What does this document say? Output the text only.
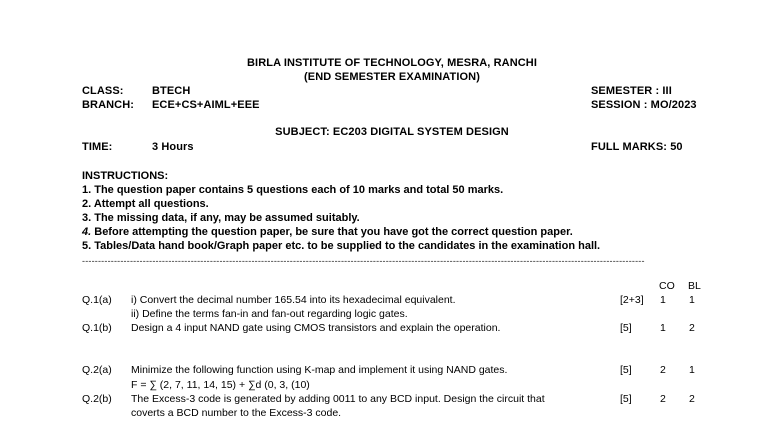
BIRLA INSTITUTE OF TECHNOLOGY, MESRA, RANCHI
(END SEMESTER EXAMINATION)
CLASS:	BTECH	SEMESTER : III
BRANCH: ECE+CS+AIML+EEE	SESSION : MO/2023
SUBJECT: EC203 DIGITAL SYSTEM DESIGN
TIME:	3 Hours	FULL MARKS: 50
INSTRUCTIONS:
1. The question paper contains 5 questions each of 10 marks and total 50 marks.
2. Attempt all questions.
3. The missing data, if any, may be assumed suitably.
4. Before attempting the question paper, be sure that you have got the correct question paper.
5. Tables/Data hand book/Graph paper etc. to be supplied to the candidates in the examination hall.
--------------------------------------------------------------------------------------------------------------------------------------------------------------------------------
CO BL
Q.1(a) i) Convert the decimal number 165.54 into its hexadecimal equivalent.
ii) Define the terms fan-in and fan-out regarding logic gates.
[2+3] 1 1
Q.1(b) Design a 4 input NAND gate using CMOS transistors and explain the operation.	[5]	1 2
Q.2(a) Minimize the following function using K-map and implement it using NAND gates.
F = ∑ (2, 7, 11, 14, 15) + ∑d (0, 3, (10)
[5]	2 1
Q.2(b) The Excess-3 code is generated by adding 0011 to any BCD input. Design the circuit that
coverts a BCD number to the Excess-3 code.
[5]	2 2
